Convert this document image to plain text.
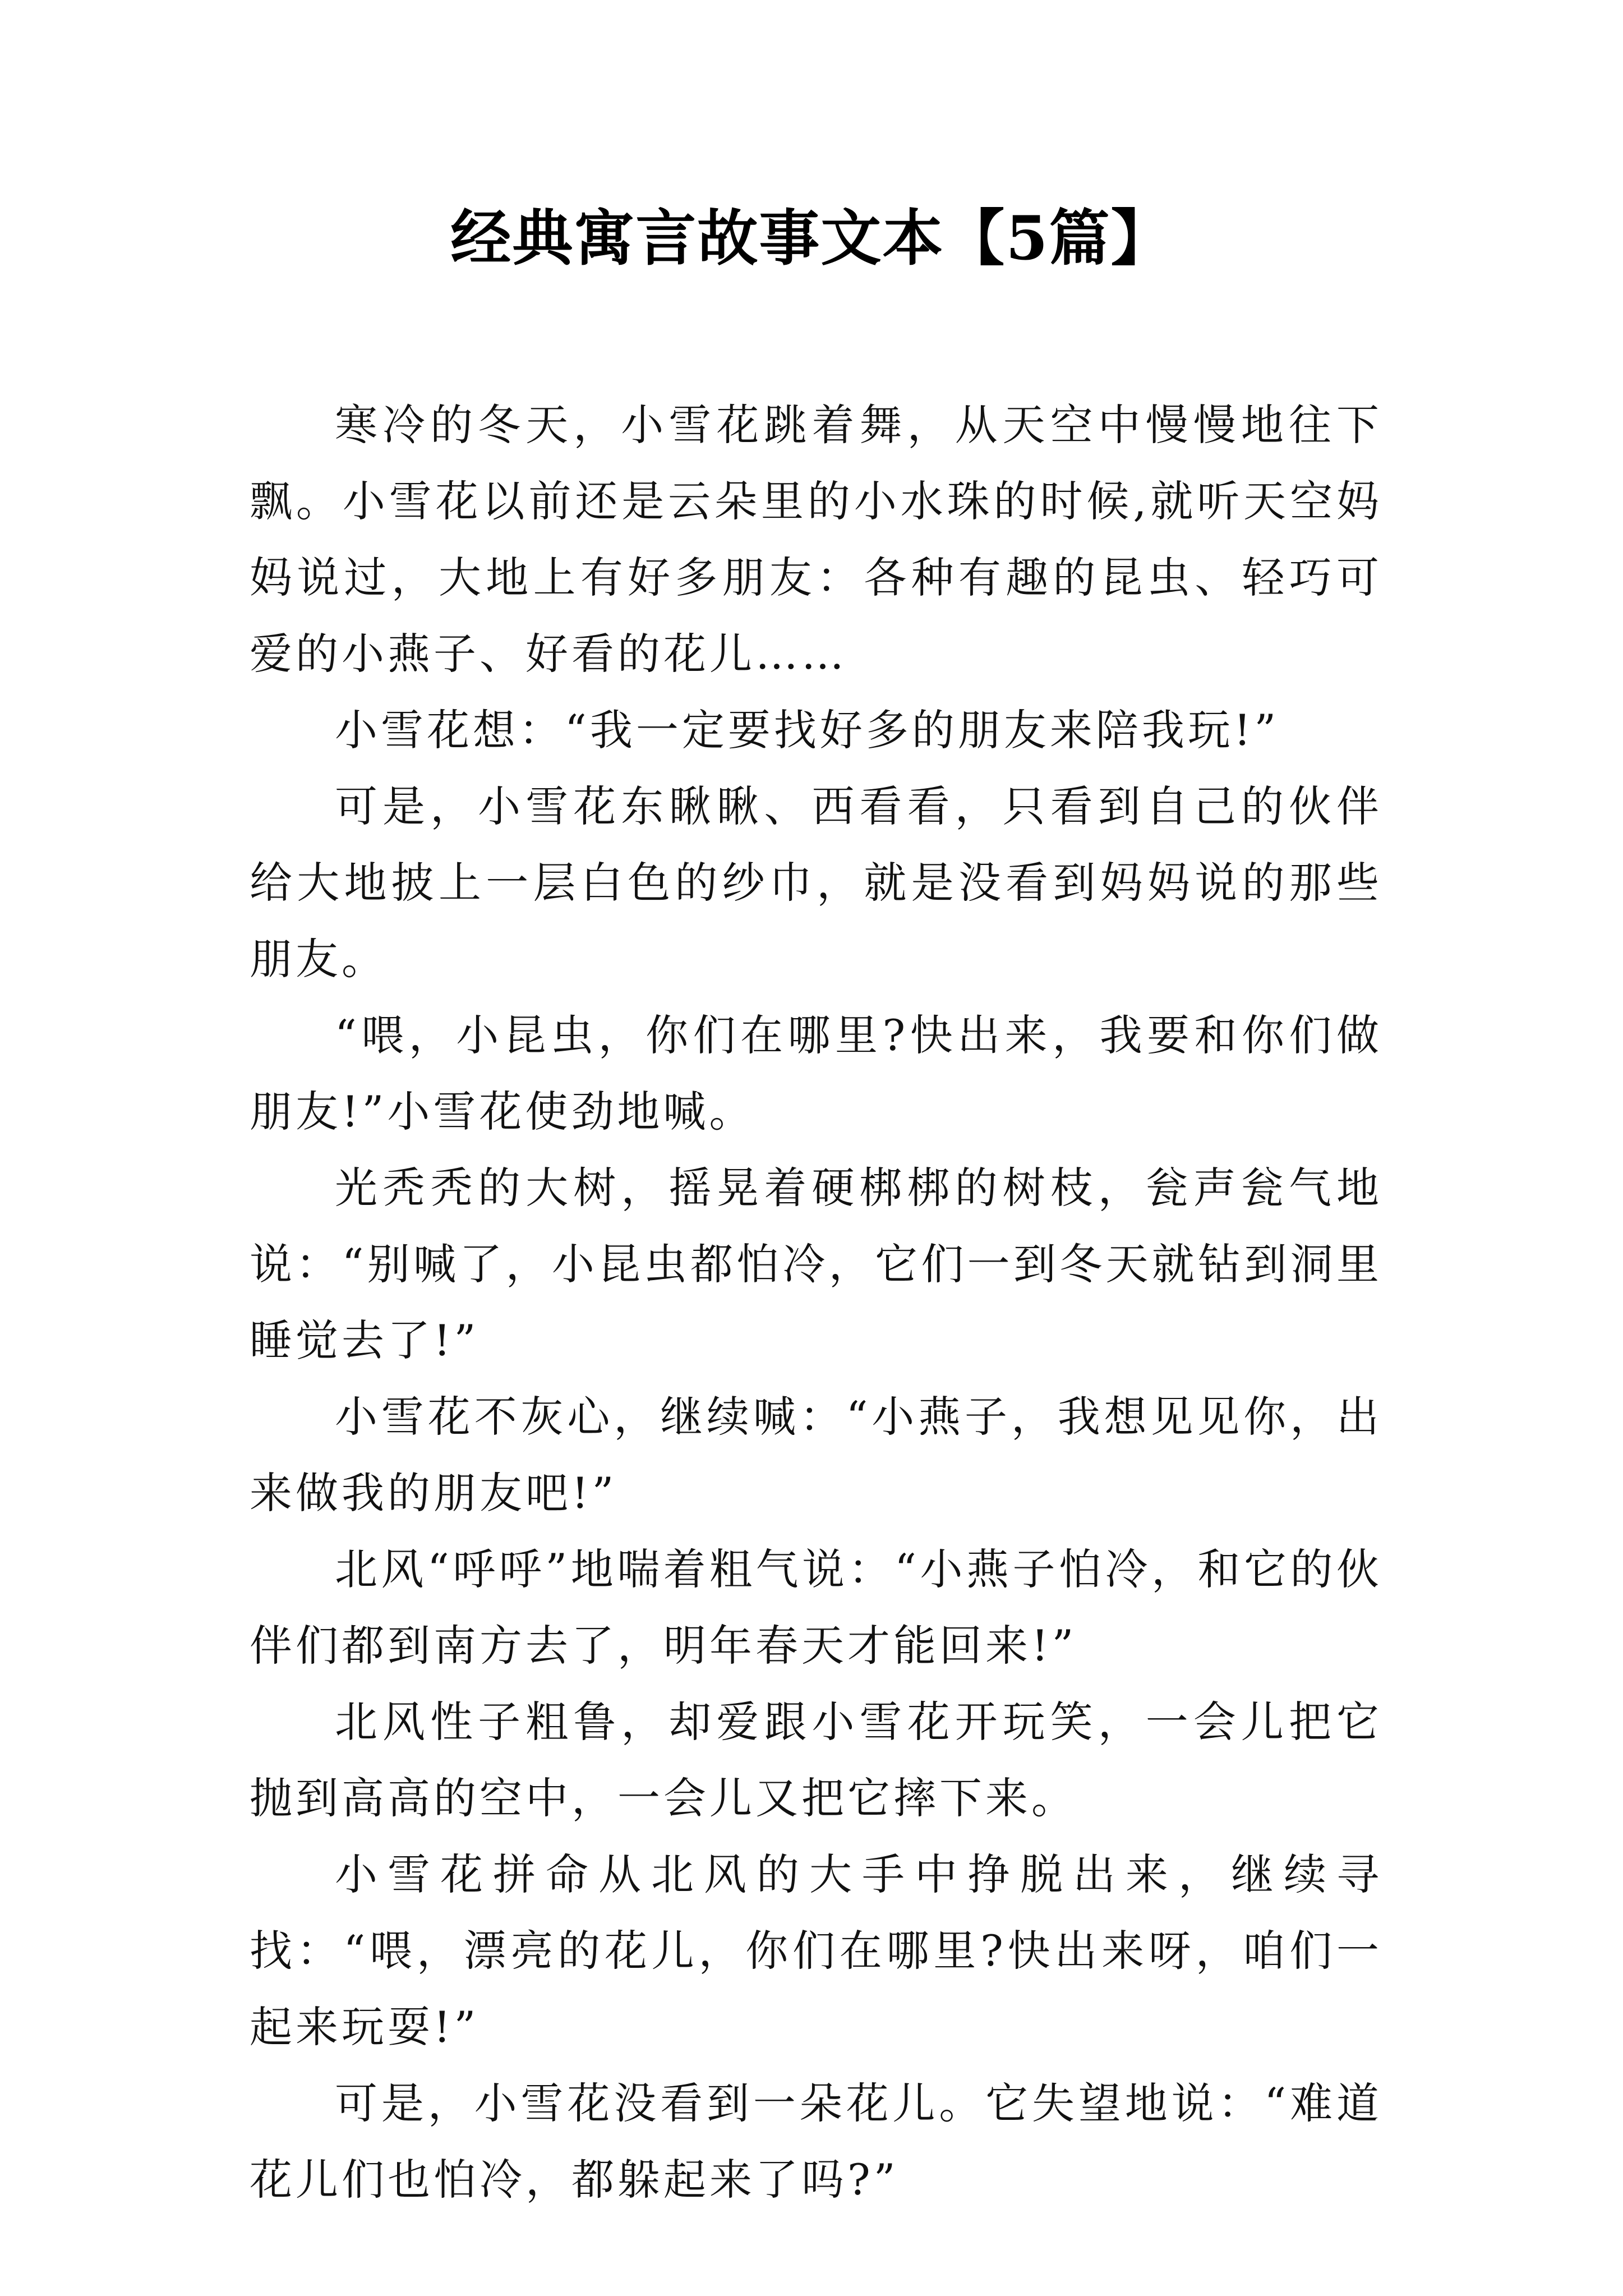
经典寓言故事文本【5篇】

寒冷的冬天，小雪花跳着舞，从天空中慢慢地往下飘。小雪花以前还是云朵里的小水珠的时候,就听天空妈妈说过，大地上有好多朋友：各种有趣的昆虫、轻巧可爱的小燕子、好看的花儿……

小雪花想：“我一定要找好多的朋友来陪我玩!”

可是，小雪花东瞅瞅、西看看，只看到自己的伙伴给大地披上一层白色的纱巾，就是没看到妈妈说的那些朋友。

“喂，小昆虫，你们在哪里?快出来，我要和你们做朋友!”小雪花使劲地喊。

光秃秃的大树，摇晃着硬梆梆的树枝，瓮声瓮气地说：“别喊了，小昆虫都怕冷，它们一到冬天就钻到洞里睡觉去了!”

小雪花不灰心，继续喊：“小燕子，我想见见你，出来做我的朋友吧!”

北风“呼呼”地喘着粗气说：“小燕子怕冷，和它的伙伴们都到南方去了，明年春天才能回来!”

北风性子粗鲁，却爱跟小雪花开玩笑，一会儿把它抛到高高的空中，一会儿又把它摔下来。

小雪花拼命从北风的大手中挣脱出来，继续寻找：“喂，漂亮的花儿，你们在哪里?快出来呀，咱们一起来玩耍!”

可是，小雪花没看到一朵花儿。它失望地说：“难道花儿们也怕冷，都躲起来了吗?”
